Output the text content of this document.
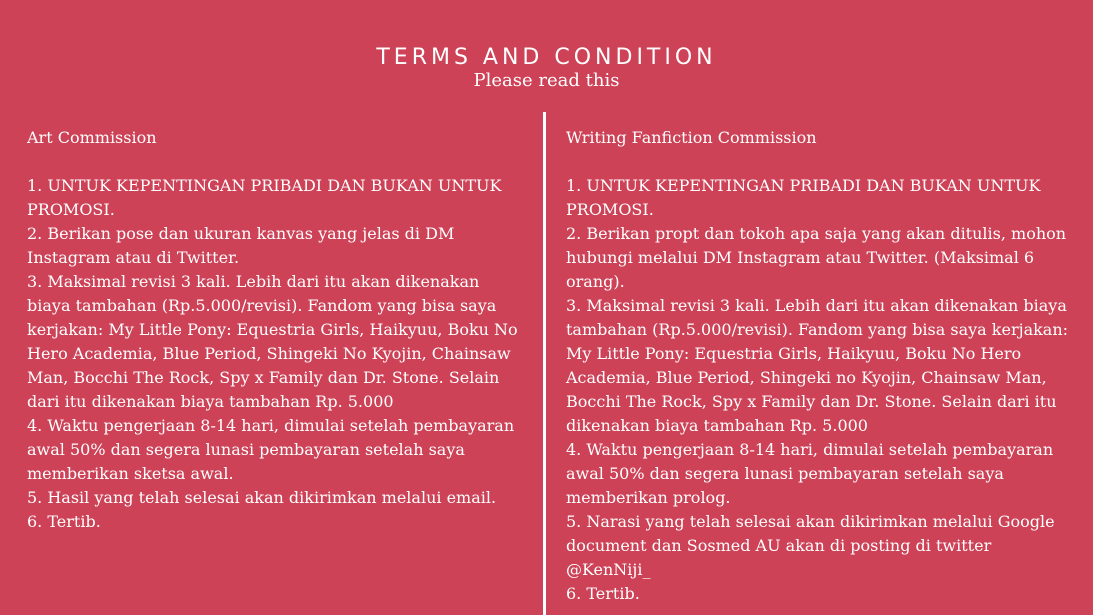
TERMS AND CONDITION
Please read this
Art Commission
1. UNTUK KEPENTINGAN PRIBADI DAN BUKAN UNTUK PROMOSI.
2. Berikan pose dan ukuran kanvas yang jelas di DM Instagram atau di Twitter.
3. Maksimal revisi 3 kali. Lebih dari itu akan dikenakan biaya tambahan (Rp.5.000/revisi). Fandom yang bisa saya kerjakan: My Little Pony: Equestria Girls, Haikyuu, Boku No Hero Academia, Blue Period, Shingeki No Kyojin, Chainsaw Man, Bocchi The Rock, Spy x Family dan Dr. Stone. Selain dari itu dikenakan biaya tambahan Rp. 5.000
4. Waktu pengerjaan 8-14 hari, dimulai setelah pembayaran awal 50% dan segera lunasi pembayaran setelah saya memberikan sketsa awal.
5. Hasil yang telah selesai akan dikirimkan melalui email.
6. Tertib.
Writing Fanfiction Commission
1. UNTUK KEPENTINGAN PRIBADI DAN BUKAN UNTUK PROMOSI.
2. Berikan propt dan tokoh apa saja yang akan ditulis, mohon hubungi melalui DM Instagram atau Twitter. (Maksimal 6 orang).
3. Maksimal revisi 3 kali. Lebih dari itu akan dikenakan biaya tambahan (Rp.5.000/revisi). Fandom yang bisa saya kerjakan: My Little Pony: Equestria Girls, Haikyuu, Boku No Hero Academia, Blue Period, Shingeki no Kyojin, Chainsaw Man, Bocchi The Rock, Spy x Family dan Dr. Stone. Selain dari itu dikenakan biaya tambahan Rp. 5.000
4. Waktu pengerjaan 8-14 hari, dimulai setelah pembayaran awal 50% dan segera lunasi pembayaran setelah saya memberikan prolog.
5. Narasi yang telah selesai akan dikirimkan melalui Google document dan Sosmed AU akan di posting di twitter @KenNiji_
6. Tertib.
